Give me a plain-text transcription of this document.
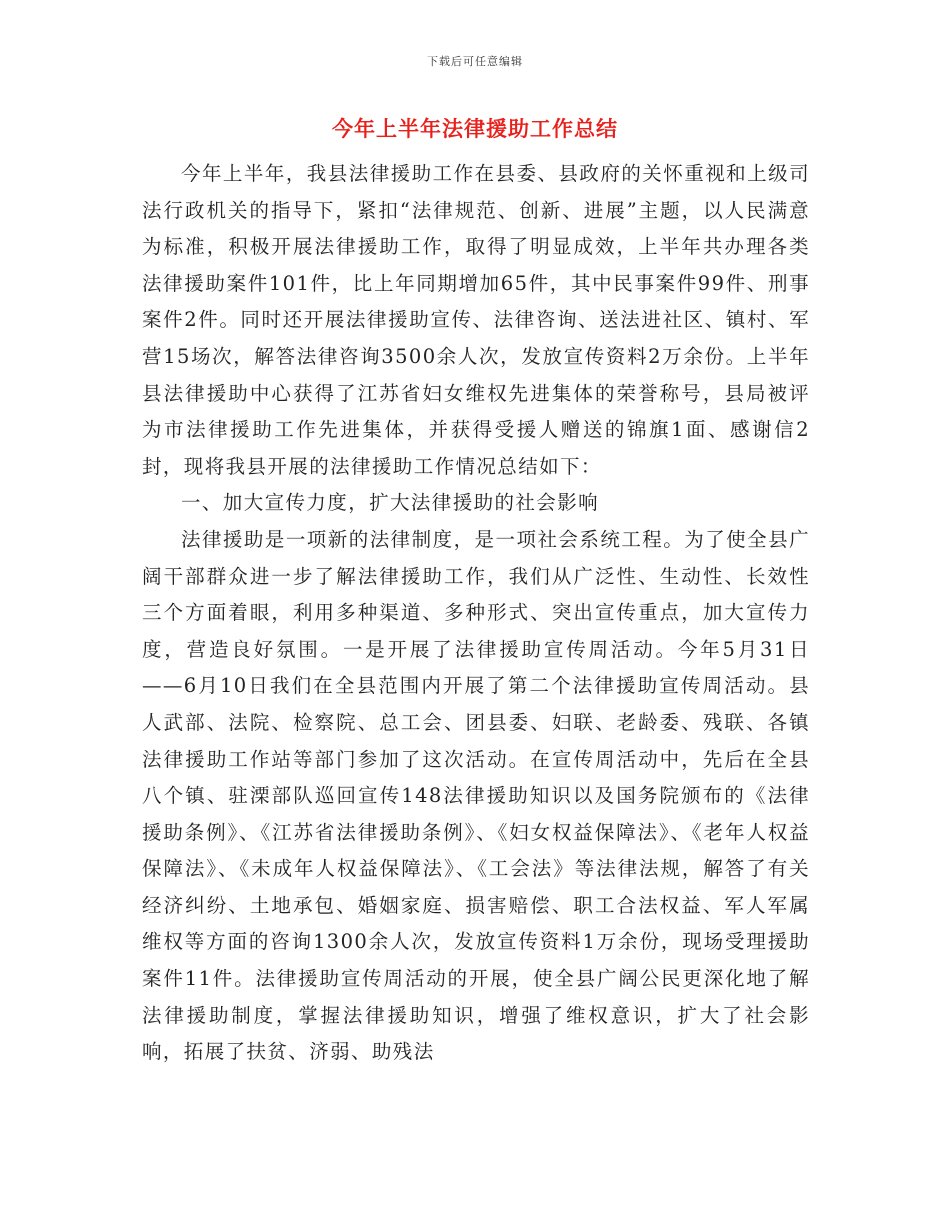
下载后可任意编辑
今年上半年法律援助工作总结

今年上半年，我县法律援助工作在县委、县政府的关怀重视和上级司法行政机关的指导下，紧扣“法律规范、创新、进展”主题，以人民满意为标准，积极开展法律援助工作，取得了明显成效，上半年共办理各类法律援助案件101件，比上年同期增加65件，其中民事案件99件、刑事案件2件。同时还开展法律援助宣传、法律咨询、送法进社区、镇村、军营15场次，解答法律咨询3500余人次，发放宣传资料2万余份。上半年县法律援助中心获得了江苏省妇女维权先进集体的荣誉称号，县局被评为市法律援助工作先进集体，并获得受援人赠送的锦旗1面、感谢信2封，现将我县开展的法律援助工作情况总结如下：

一、加大宣传力度，扩大法律援助的社会影响

法律援助是一项新的法律制度，是一项社会系统工程。为了使全县广阔干部群众进一步了解法律援助工作，我们从广泛性、生动性、长效性三个方面着眼，利用多种渠道、多种形式、突出宣传重点，加大宣传力度，营造良好氛围。一是开展了法律援助宣传周活动。今年5月31日——6月10日我们在全县范围内开展了第二个法律援助宣传周活动。县人武部、法院、检察院、总工会、团县委、妇联、老龄委、残联、各镇法律援助工作站等部门参加了这次活动。在宣传周活动中，先后在全县八个镇、驻溧部队巡回宣传148法律援助知识以及国务院颁布的《法律援助条例》、《江苏省法律援助条例》、《妇女权益保障法》、《老年人权益保障法》、《未成年人权益保障法》、《工会法》等法律法规，解答了有关经济纠纷、土地承包、婚姻家庭、损害赔偿、职工合法权益、军人军属维权等方面的咨询1300余人次，发放宣传资料1万余份，现场受理援助案件11件。法律援助宣传周活动的开展，使全县广阔公民更深化地了解法律援助制度，掌握法律援助知识，增强了维权意识，扩大了社会影响，拓展了扶贫、济弱、助残法
